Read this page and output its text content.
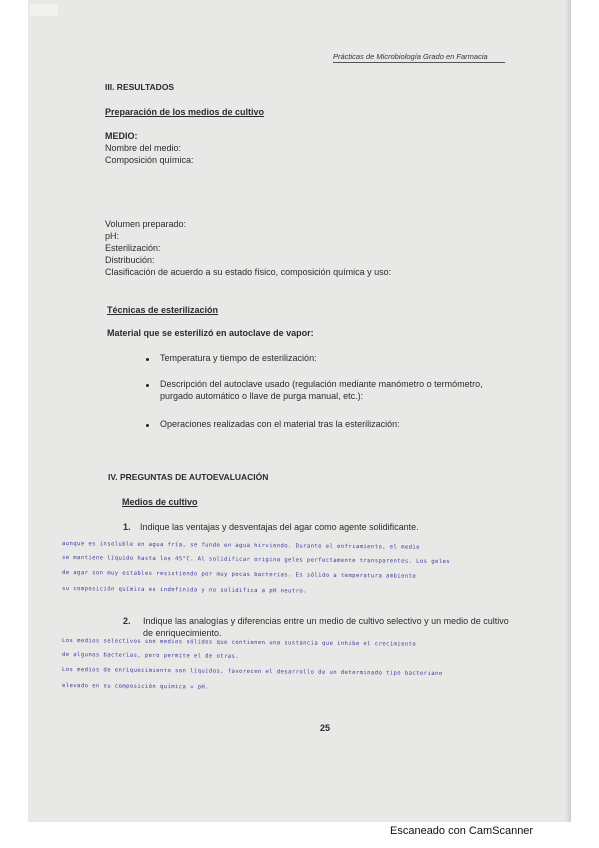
Prácticas de Microbiología Grado en Farmacia
III. RESULTADOS
Preparación de los medios de cultivo
MEDIO:
Nombre del medio:
Composición química:
Volumen preparado:
pH:
Esterilización:
Distribución:
Clasificación de acuerdo a su estado físico, composición química y uso:
Técnicas de esterilización
Material que se esterilizó en autoclave de vapor:
Temperatura y tiempo de esterilización:
Descripción del autoclave usado (regulación mediante manómetro o termómetro,
purgado automático o llave de purga manual, etc.):
Operaciones realizadas con el material tras la esterilización:
IV. PREGUNTAS DE AUTOEVALUACIÓN
Medios de cultivo
1. Indique las ventajas y desventajas del agar como agente solidificante.
aunque es insoluble en agua fría, se funde en agua hirviendo. Durante el enfriamiento, el medio
se mantiene líquido hasta los 45°C. Al solidificar origina geles perfectamente transparentes. Los geles
de agar son muy estables resistiendo por muy pocas bacterias. Es sólido a temperatura ambiente
su composición química es indefinida y no solidifica a pH neutro.
2. Indique las analogías y diferencias entre un medio de cultivo selectivo y un medio de cultivo
de enriquecimiento.
Los medios selectivos son medios sólidos que contienen una sustancia que inhibe el crecimiento
de algunos bacterias, pero permite el de otras.
Los medios de enriquecimiento son líquidos, favorecen el desarrollo de un determinado tipo bacteriano
elevado en su composición química = pH.
25
Escaneado con CamScanner
